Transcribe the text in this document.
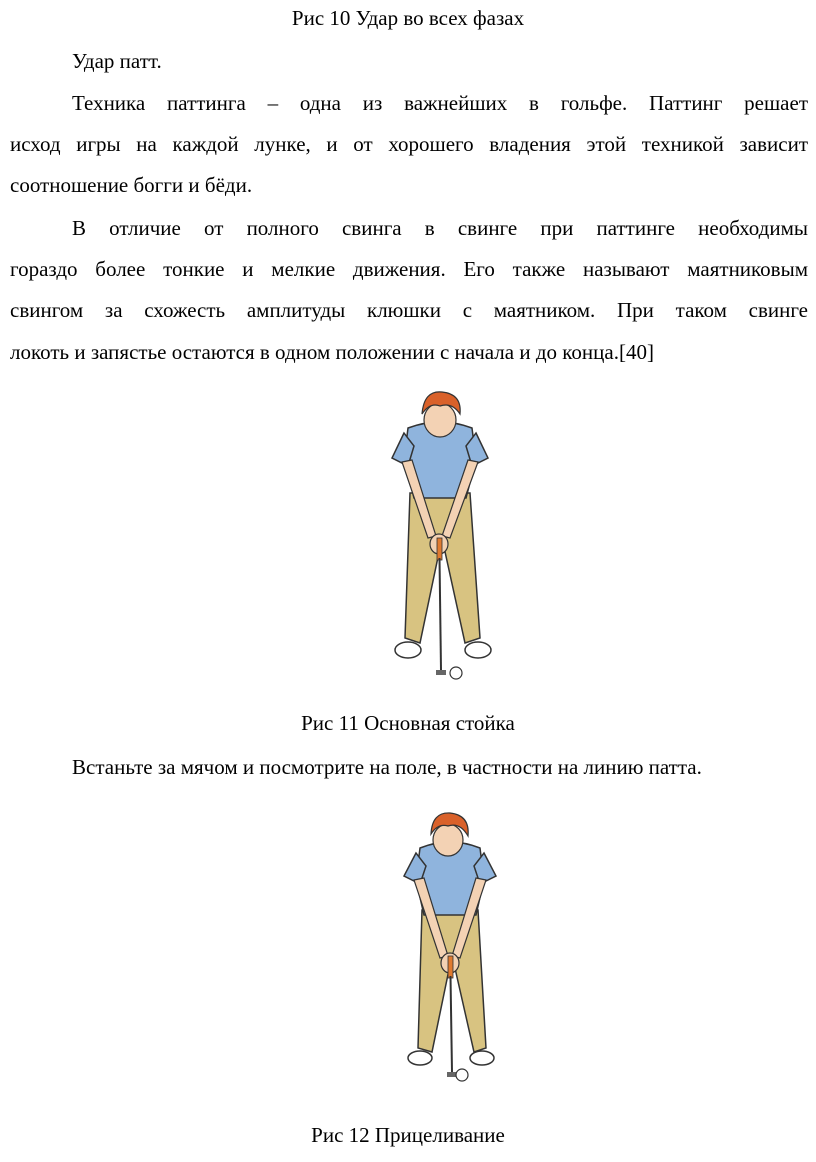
Рис 10 Удар во всех фазах
Удар патт.
Техника паттинга – одна из важнейших в гольфе. Паттинг решает
исход игры на каждой лунке, и от хорошего владения этой техникой зависит
соотношение богги и бёди.
В отличие от полного свинга в свинге при паттинге необходимы
гораздо более тонкие и мелкие движения. Его также называют маятниковым
свингом за схожесть амплитуды клюшки с маятником. При таком свинге
локоть и запястье остаются в одном положении с начала и до конца.[40]
Рис 11 Основная стойка
Встаньте за мячом и посмотрите на поле, в частности на линию патта.
Рис 12 Прицеливание
